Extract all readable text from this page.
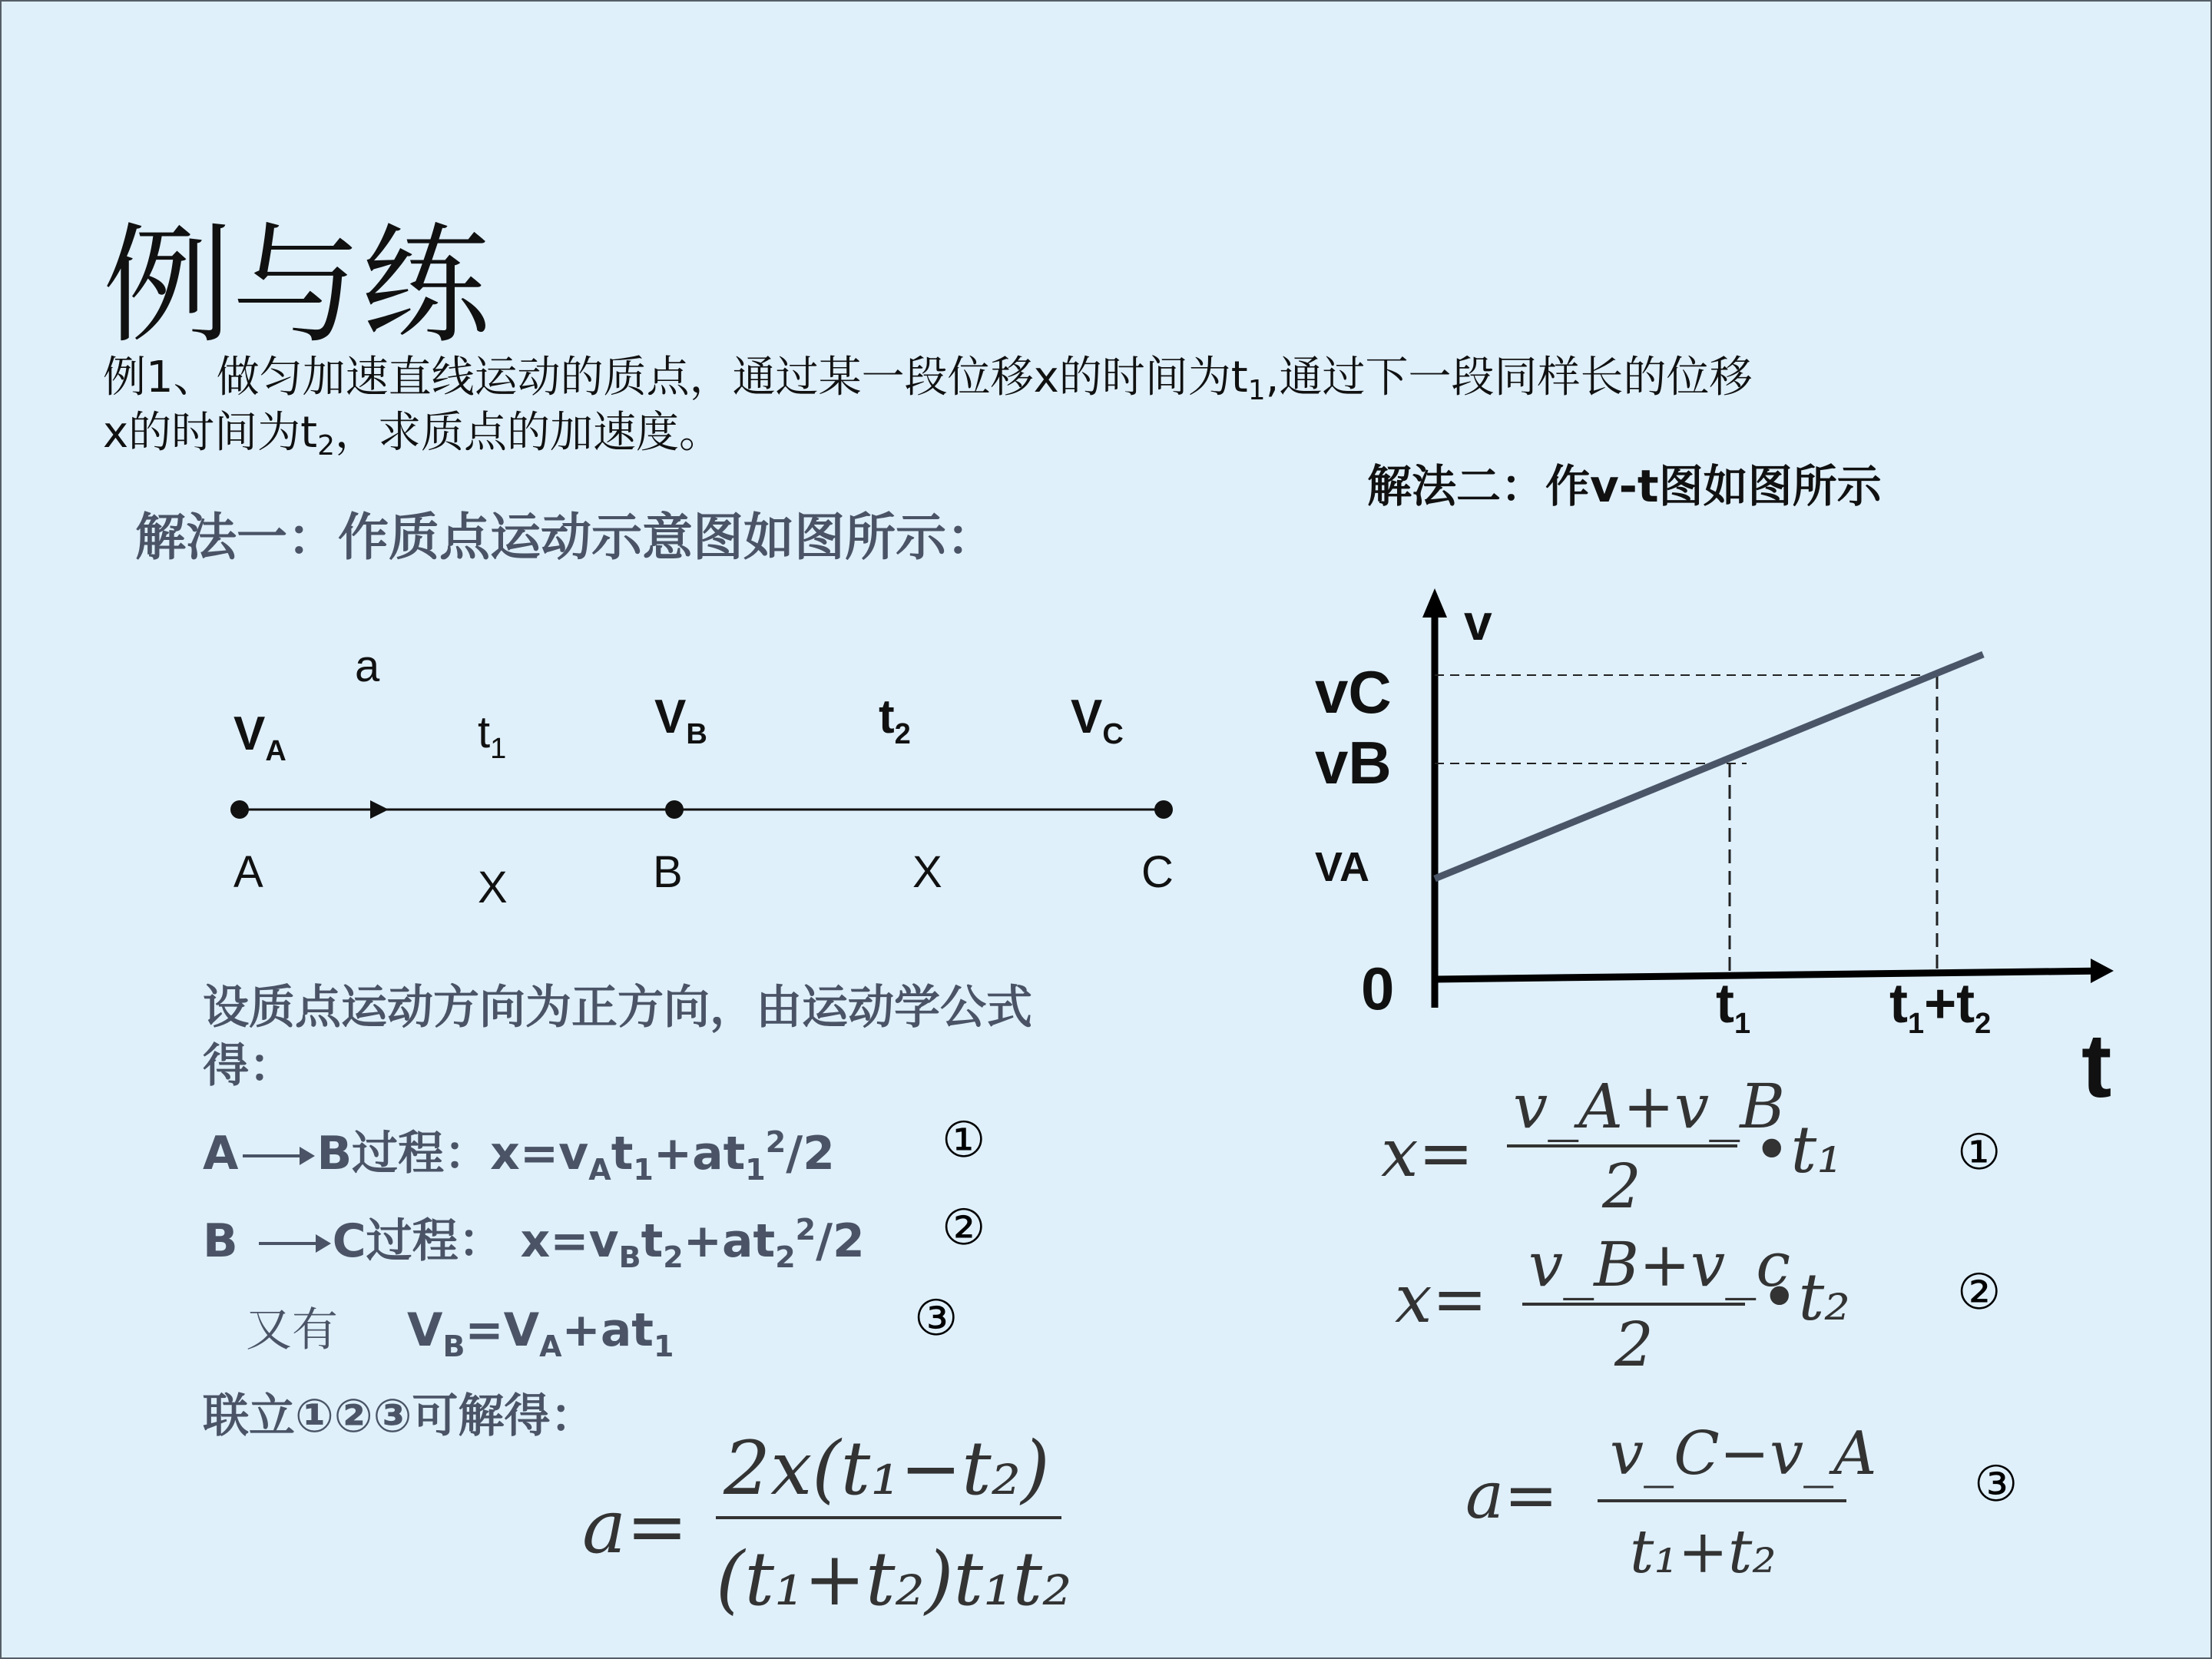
例与练
例1、做匀加速直线运动的质点，通过某一段位移x的时间为$t_1$,通过下一段同样长的位移
x的时间为$t_2$，求质点的加速度。
解法一：作质点运动示意图如图所示：
解法二：作v-t图如图所示
a
$V_A$	$t_1$
$V_B$	$t_2$	$V_C$
A	X	B	X	C
设质点运动方向为正方向，由运动学公式
得：
A B过程：$x=v_At_1+at_1^2/2$ ①
B C过程： $x=v_Bt_2+at_2^2/2$ ②
又有 $V_B=V_A+at_1$	③
联立①②③可解得：
a=
2x(t₁−t₂)
(t₁+t₂)t₁t₂
v
vC
vB
VA
0	$t_1$	$t_1+t_2$ t
x=
v_A+v_B
2 •t₁ ①
x= v_B+v_c
2
•t₂ ②
a=
v_C−v_A
t₁+t₂
③
